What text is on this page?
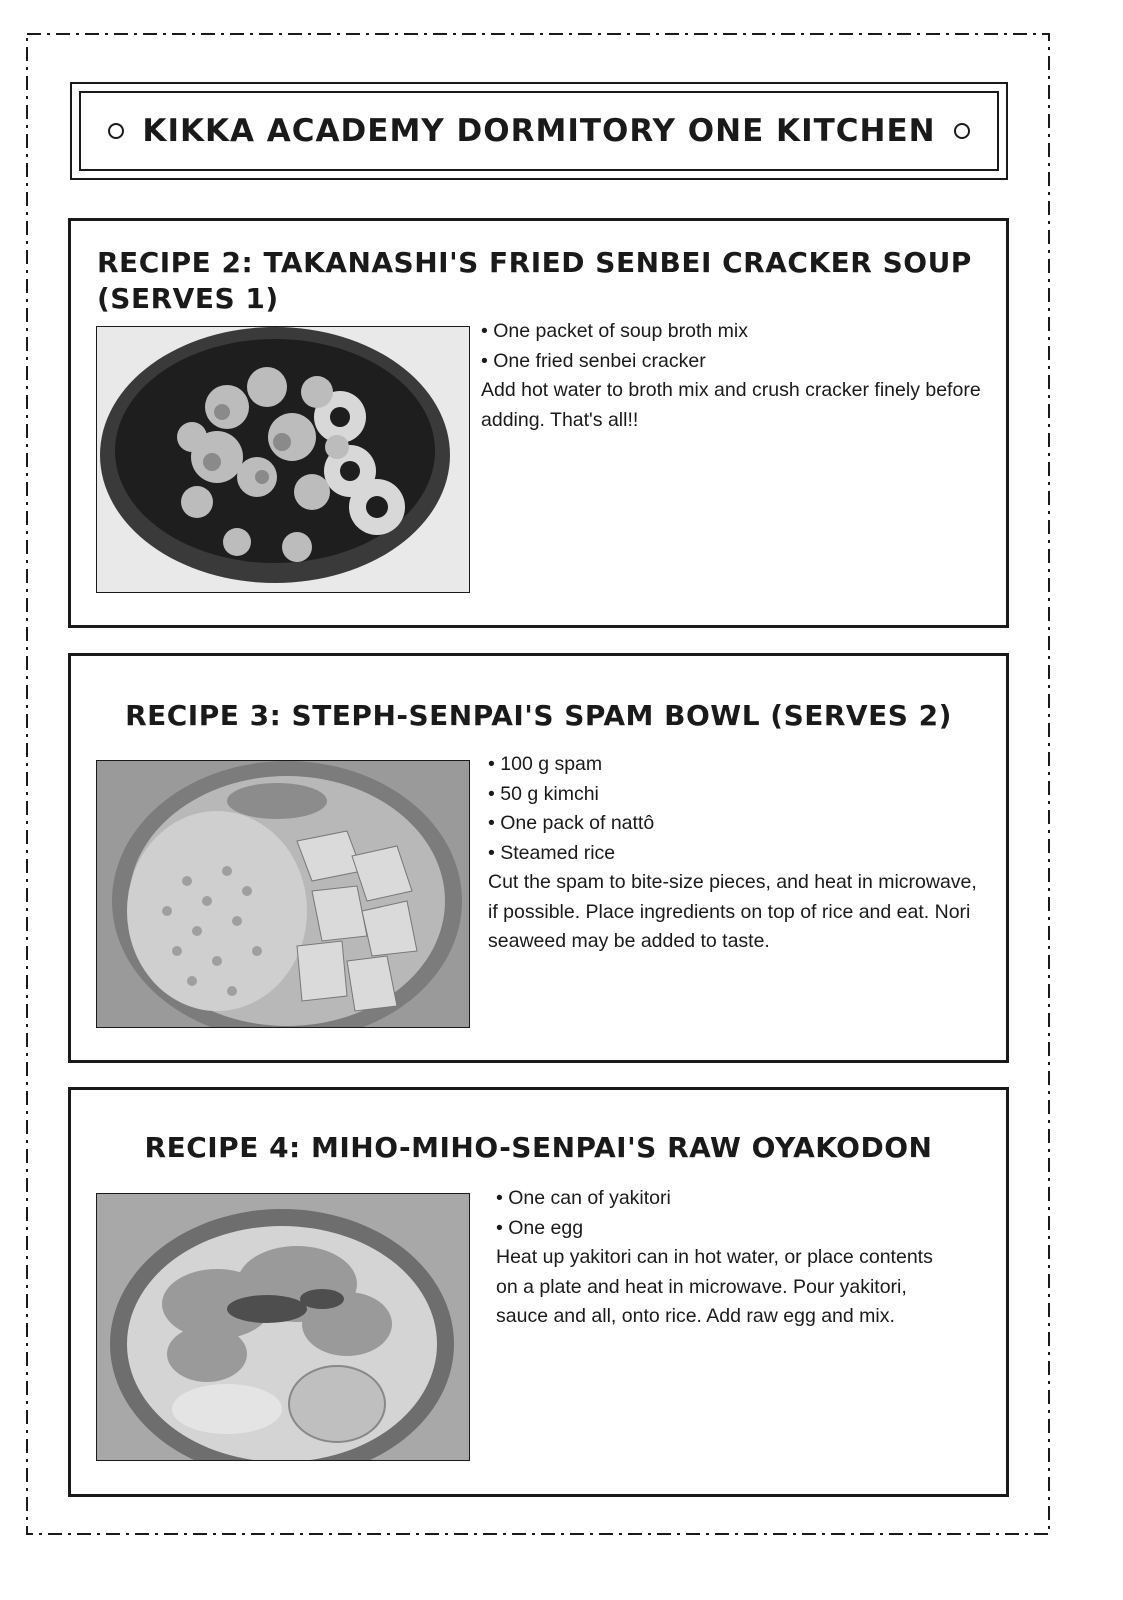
KIKKA ACADEMY DORMITORY ONE KITCHEN
RECIPE 2: TAKANASHI'S FRIED SENBEI CRACKER SOUP (SERVES 1)
• One packet of soup broth mix
• One fried senbei cracker

Add hot water to broth mix and crush cracker finely before adding. That's all!!

RECIPE 3: STEPH-SENPAI'S SPAM BOWL (SERVES 2)
• 100 g spam
• 50 g kimchi
• One pack of nattô
• Steamed rice

Cut the spam to bite-size pieces, and heat in microwave, if possible. Place ingredients on top of rice and eat. Nori seaweed may be added to taste.

RECIPE 4: MIHO-MIHO-SENPAI'S RAW OYAKODON
• One can of yakitori
• One egg

Heat up yakitori can in hot water, or place contents on a plate and heat in microwave. Pour yakitori, sauce and all, onto rice. Add raw egg and mix.
